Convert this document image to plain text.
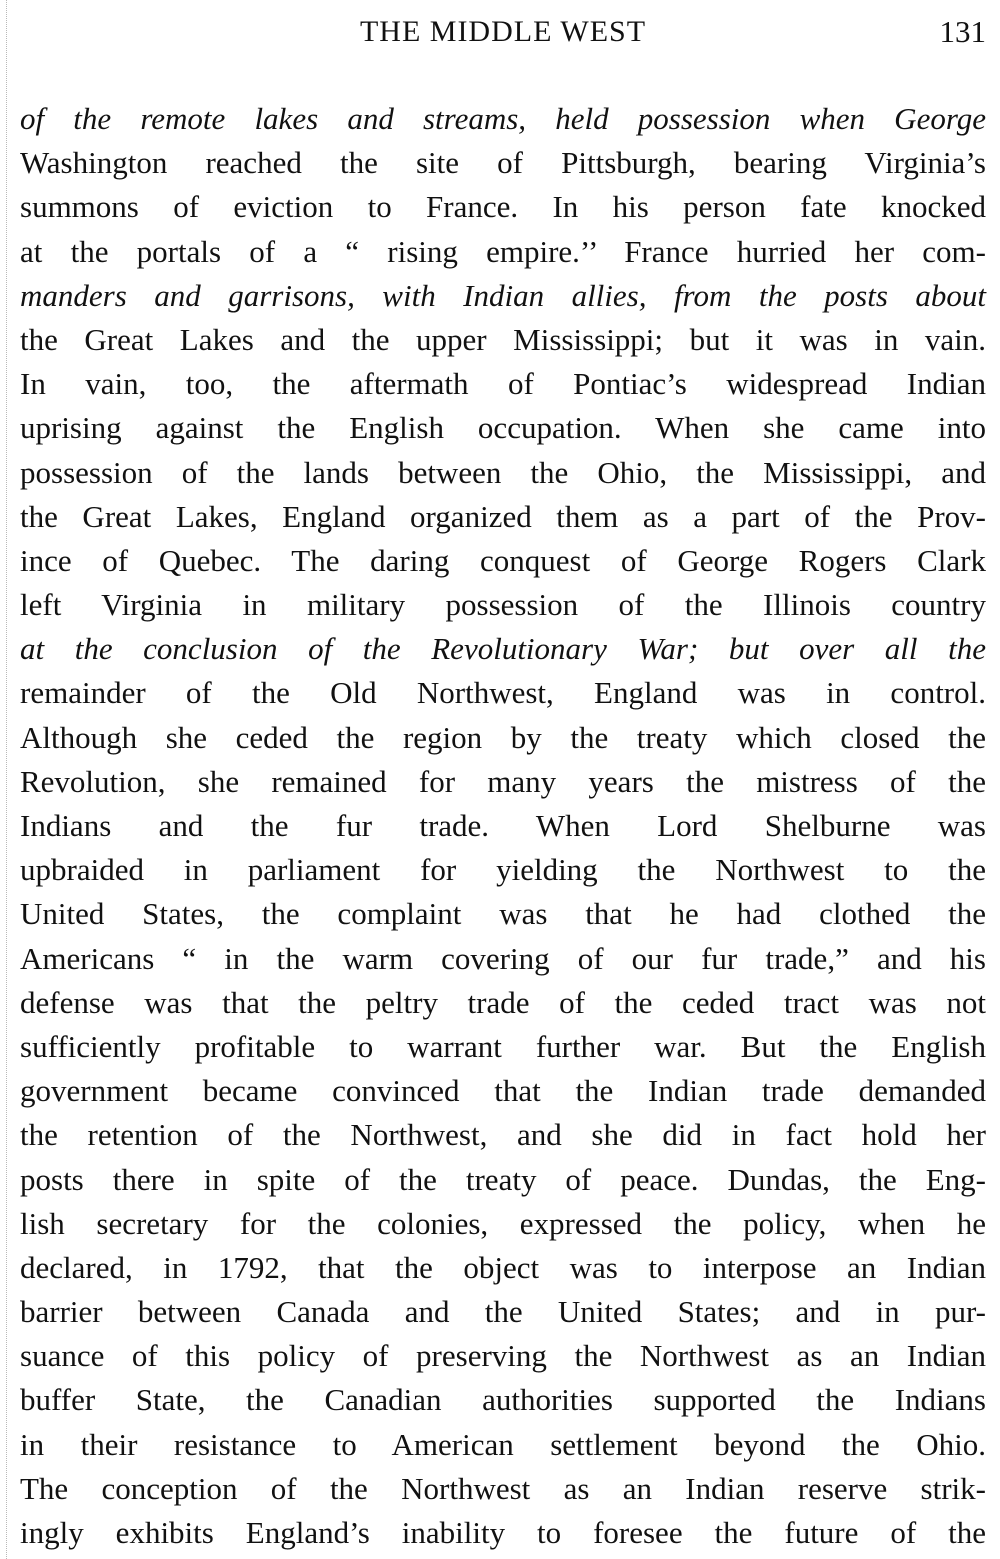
THE MIDDLE WEST	131
of the remote lakes and streams, held possession when George
Washington reached the site of Pittsburgh, bearing Virginia’s
summons of eviction to France. In his person fate knocked
at the portals of a “ rising empire.’’ France hurried her com-
manders and garrisons, with Indian allies, from the posts about
the Great Lakes and the upper Mississippi; but it was in vain.
In vain, too, the aftermath of Pontiac’s widespread Indian
uprising against the English occupation. When she came into
possession of the lands between the Ohio, the Mississippi, and
the Great Lakes, England organized them as a part of the Prov-
ince of Quebec. The daring conquest of George Rogers Clark
left Virginia in military possession of the Illinois country
at the conclusion of the Revolutionary War; but over all the
remainder of the Old Northwest, England was in control.
Although she ceded the region by the treaty which closed the
Revolution, she remained for many years the mistress of the
Indians and the fur trade. When Lord Shelburne was
upbraided in parliament for yielding the Northwest to the
United States, the complaint was that he had clothed the
Americans “ in the warm covering of our fur trade,” and his
defense was that the peltry trade of the ceded tract was not
sufficiently profitable to warrant further war. But the English
government became convinced that the Indian trade demanded
the retention of the Northwest, and she did in fact hold her
posts there in spite of the treaty of peace. Dundas, the Eng-
lish secretary for the colonies, expressed the policy, when he
declared, in 1792, that the object was to interpose an Indian
barrier between Canada and the United States; and in pur-
suance of this policy of preserving the Northwest as an Indian
buffer State, the Canadian authorities supported the Indians
in their resistance to American settlement beyond the Ohio.
The conception of the Northwest as an Indian reserve strik-
ingly exhibits England’s inability to foresee the future of the
